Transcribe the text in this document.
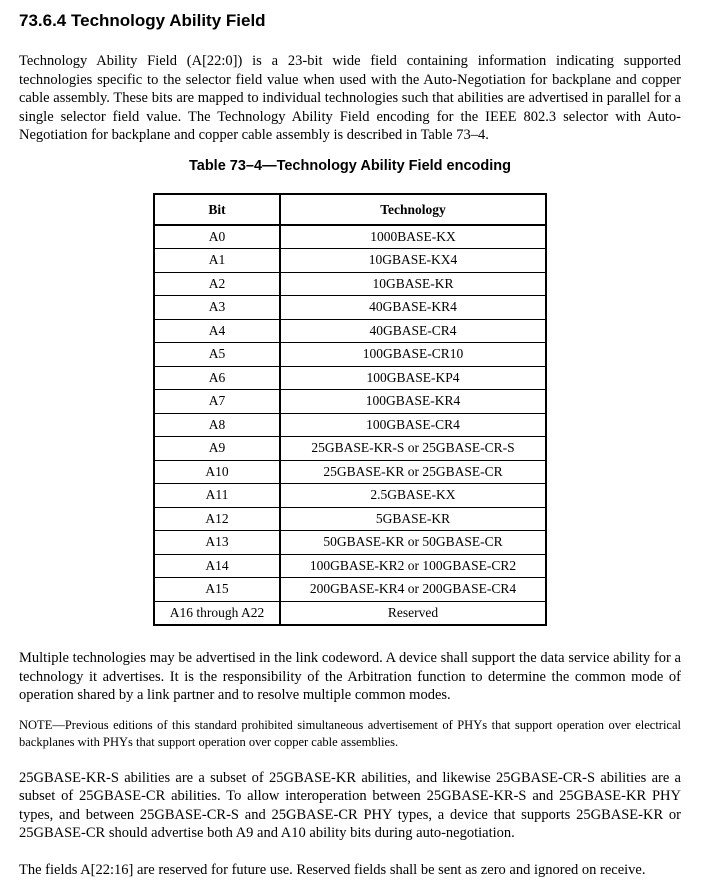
73.6.4 Technology Ability Field

Technology Ability Field (A[22:0]) is a 23-bit wide field containing information indicating supported technologies specific to the selector field value when used with the Auto-Negotiation for backplane and copper cable assembly. These bits are mapped to individual technologies such that abilities are advertised in parallel for a single selector field value. The Technology Ability Field encoding for the IEEE 802.3 selector with Auto-Negotiation for backplane and copper cable assembly is described in Table 73–4.

Table 73–4—Technology Ability Field encoding

Bit	Technology
A0	1000BASE-KX
A1	10GBASE-KX4
A2	10GBASE-KR
A3	40GBASE-KR4
A4	40GBASE-CR4
A5	100GBASE-CR10
A6	100GBASE-KP4
A7	100GBASE-KR4
A8	100GBASE-CR4
A9	25GBASE-KR-S or 25GBASE-CR-S
A10	25GBASE-KR or 25GBASE-CR
A11	2.5GBASE-KX
A12	5GBASE-KR
A13	50GBASE-KR or 50GBASE-CR
A14	100GBASE-KR2 or 100GBASE-CR2
A15	200GBASE-KR4 or 200GBASE-CR4
A16 through A22	Reserved

Multiple technologies may be advertised in the link codeword. A device shall support the data service ability for a technology it advertises. It is the responsibility of the Arbitration function to determine the common mode of operation shared by a link partner and to resolve multiple common modes.

NOTE—Previous editions of this standard prohibited simultaneous advertisement of PHYs that support operation over electrical backplanes with PHYs that support operation over copper cable assemblies.

25GBASE-KR-S abilities are a subset of 25GBASE-KR abilities, and likewise 25GBASE-CR-S abilities are a subset of 25GBASE-CR abilities. To allow interoperation between 25GBASE-KR-S and 25GBASE-KR PHY types, and between 25GBASE-CR-S and 25GBASE-CR PHY types, a device that supports 25GBASE-KR or 25GBASE-CR should advertise both A9 and A10 ability bits during auto-negotiation.

The fields A[22:16] are reserved for future use. Reserved fields shall be sent as zero and ignored on receive.
